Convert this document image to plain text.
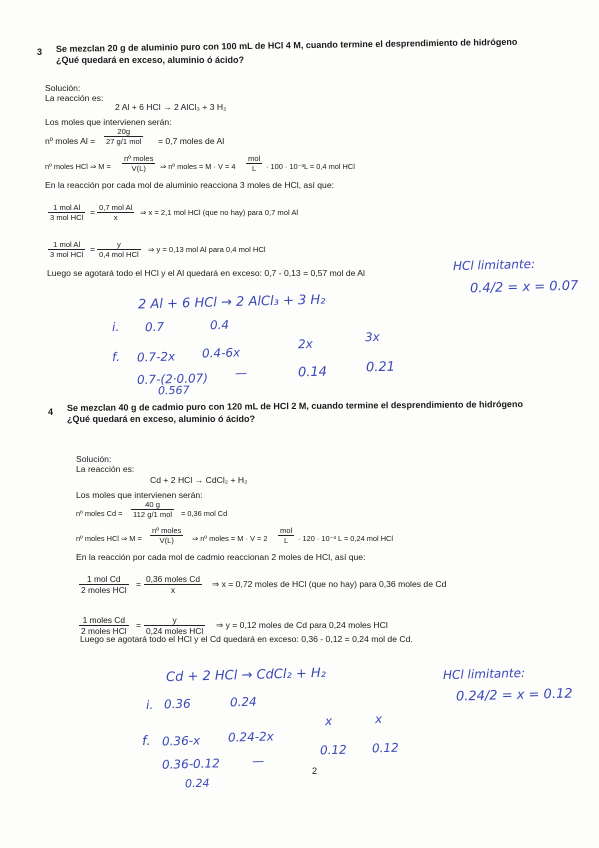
3 Se mezclan 20 g de aluminio puro con 100 mL de HCl 4 M, cuando termine el desprendimiento de hidrógeno
¿Qué quedará en exceso, aluminio ó ácido?
Solución:
La reacción es:
2 Al + 6 HCl → 2 AlCl₃ + 3 H₂
Los moles que intervienen serán:
nº moles Al =
20g
27 g/1 mol = 0,7 moles de Al
nº moles HCl ⇒ M =
nº moles
V(L)	⇒ nº moles = M · V = 4
mol
L	· 100 · 10⁻³L = 0,4 mol HCl
En la reacción por cada mol de aluminio reacciona 3 moles de HCl, así que:
1 mol Al
3 mol HCl
= 0,7 mol Al
x
⇒ x = 2,1 mol HCl (que no hay) para 0,7 mol Al
1 mol Al
3 mol HCl
=	y
0,4 mol HCl
⇒ y = 0,13 mol Al para 0,4 mol HCl
Luego se agotará todo el HCl y el Al quedará en exceso: 0,7 - 0,13 = 0,57 mol de Al	HCl limitante:
0.4/2 = x = 0.07
2 Al + 6 HCl → 2 AlCl₃ + 3 H₂
i. 0.7	0.4
f. 0.7-2x 0.4-6x
2x	3x
0.7-(2·0.07)
0.567
—	0.14	0.21
4 Se mezclan 40 g de cadmio puro con 120 mL de HCl 2 M, cuando termine el desprendimiento de hidrógeno
¿Qué quedará en exceso, aluminio ó ácido?
Solución:
La reacción es:
Cd + 2 HCl → CdCl₂ + H₂
Los moles que intervienen serán:
nº moles Cd =
40 g
112 g/1 mol = 0,36 mol Cd
nº moles HCl ⇒ M =
nº moles
V(L)	⇒ nº moles = M · V = 2
mol
L	· 120 · 10⁻³ L = 0,24 mol HCl
En la reacción por cada mol de cadmio reaccionan 2 moles de HCl, así que:
1 mol Cd
2 moles HCl
= 0,36 moles Cd
x
⇒ x = 0,72 moles de HCl (que no hay) para 0,36 moles de Cd
1 moles Cd
2 moles HCl
=	y
0,24 moles HCl
⇒ y = 0,12 moles de Cd para 0,24 moles HCl
Luego se agotará todo el HCl y el Cd quedará en exceso: 0,36 - 0,12 = 0,24 mol de Cd.
Cd + 2 HCl → CdCl₂ + H₂	HCl limitante:
0.24/2 = x = 0.12
i. 0.36	0.24
x	x
f. 0.36-x 0.24-2x
0.36-0.12	—
0.12 0.12
0.24
2
